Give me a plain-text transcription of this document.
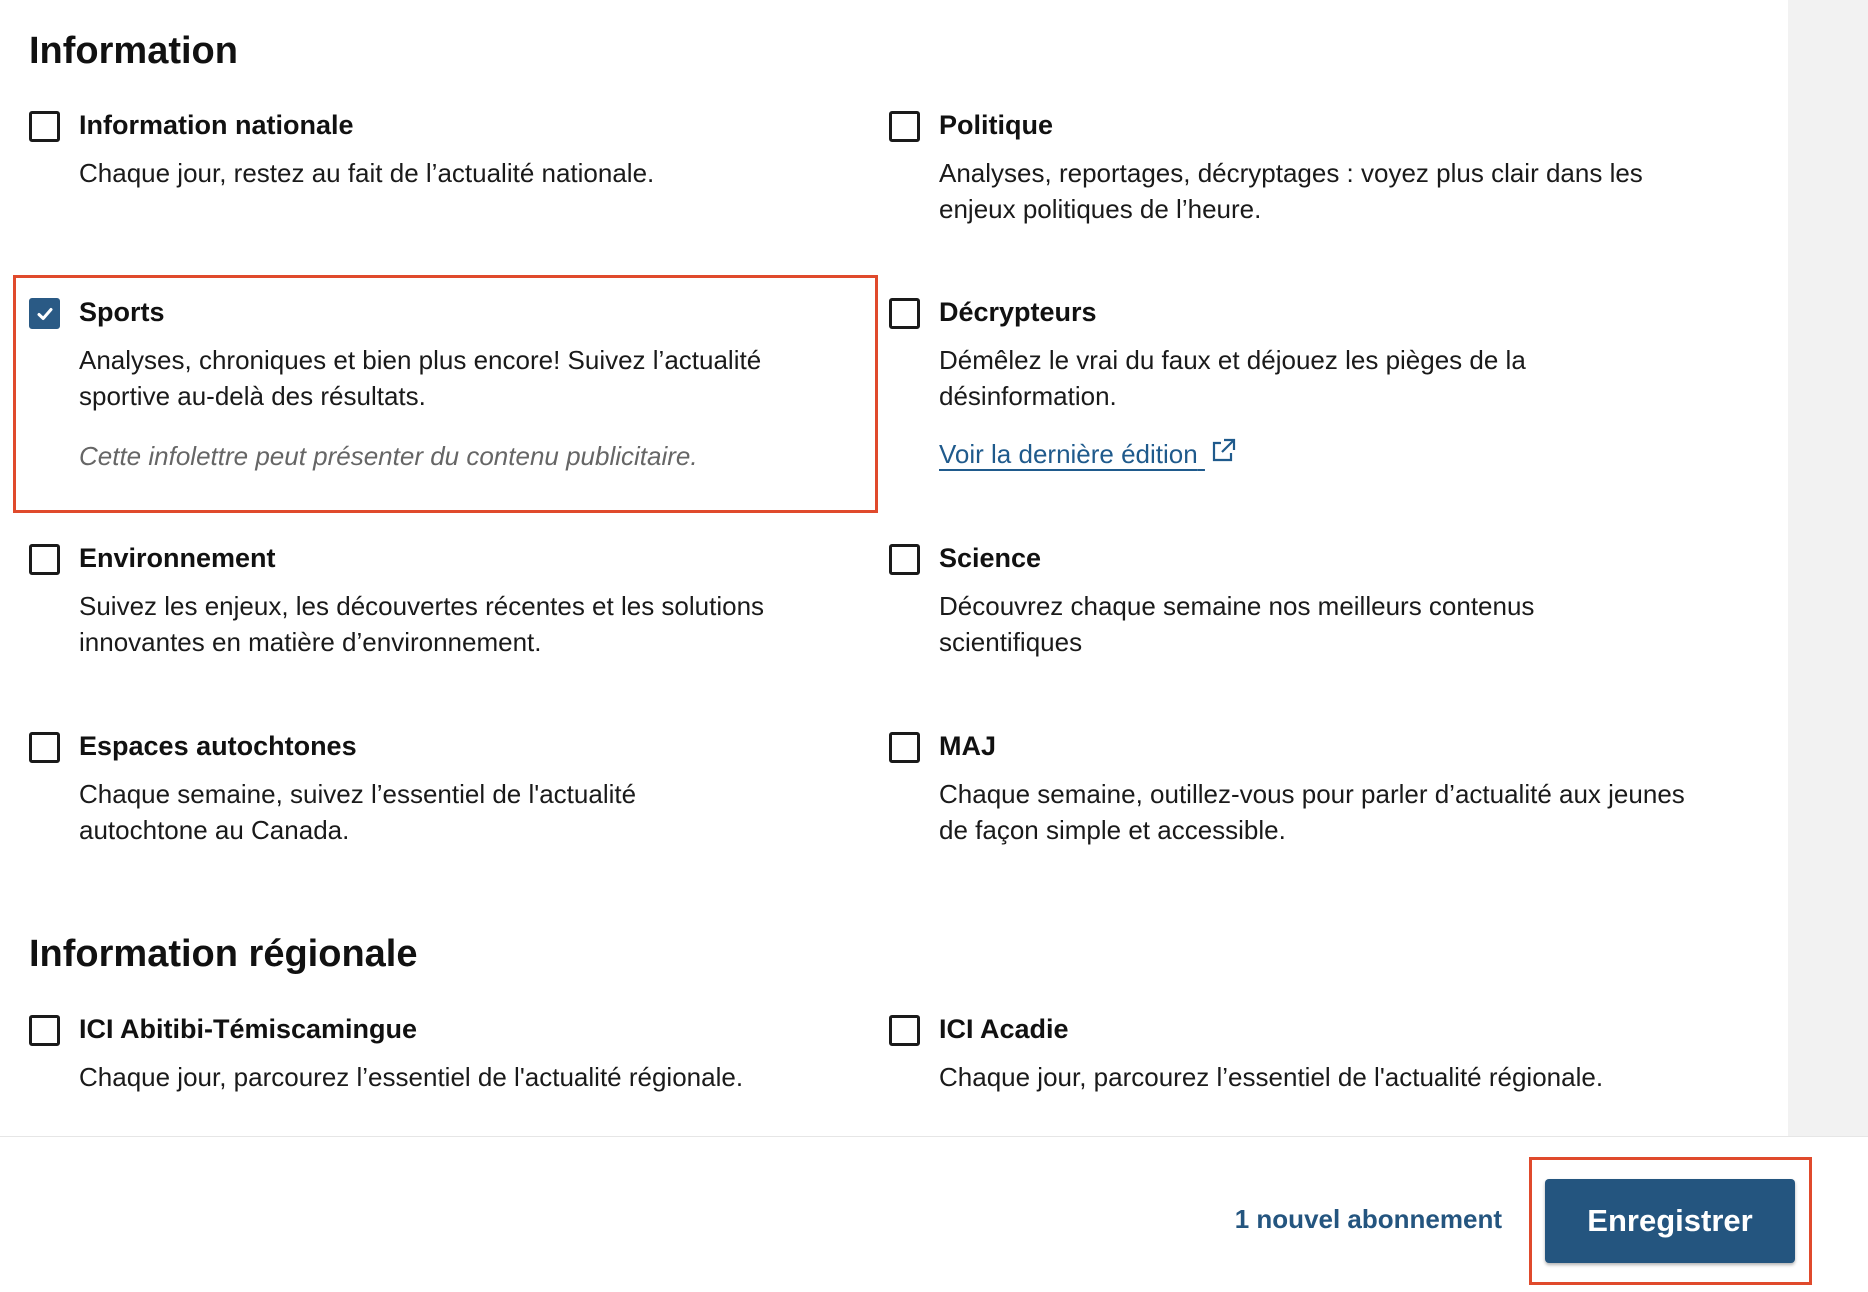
Information
Information nationale

Chaque jour, restez au fait de l’actualité nationale.

Politique

Analyses, reportages, décryptages : voyez plus clair dans les enjeux politiques de l’heure.

Sports

Analyses, chroniques et bien plus encore! Suivez l’actualité sportive au-delà des résultats.

Cette infolettre peut présenter du contenu publicitaire.

Décrypteurs

Démêlez le vrai du faux et déjouez les pièges de la désinformation.

Voir la dernière édition
Environnement

Suivez les enjeux, les découvertes récentes et les solutions innovantes en matière d’environnement.

Science

Découvrez chaque semaine nos meilleurs contenus scientifiques

Espaces autochtones

Chaque semaine, suivez l’essentiel de l'actualité autochtone au Canada.

MAJ

Chaque semaine, outillez-vous pour parler d’actualité aux jeunes de façon simple et accessible.

Information régionale
ICI Abitibi-Témiscamingue

Chaque jour, parcourez l’essentiel de l'actualité régionale.

ICI Acadie

Chaque jour, parcourez l’essentiel de l'actualité régionale.

1 nouvel abonnement	Enregistrer
